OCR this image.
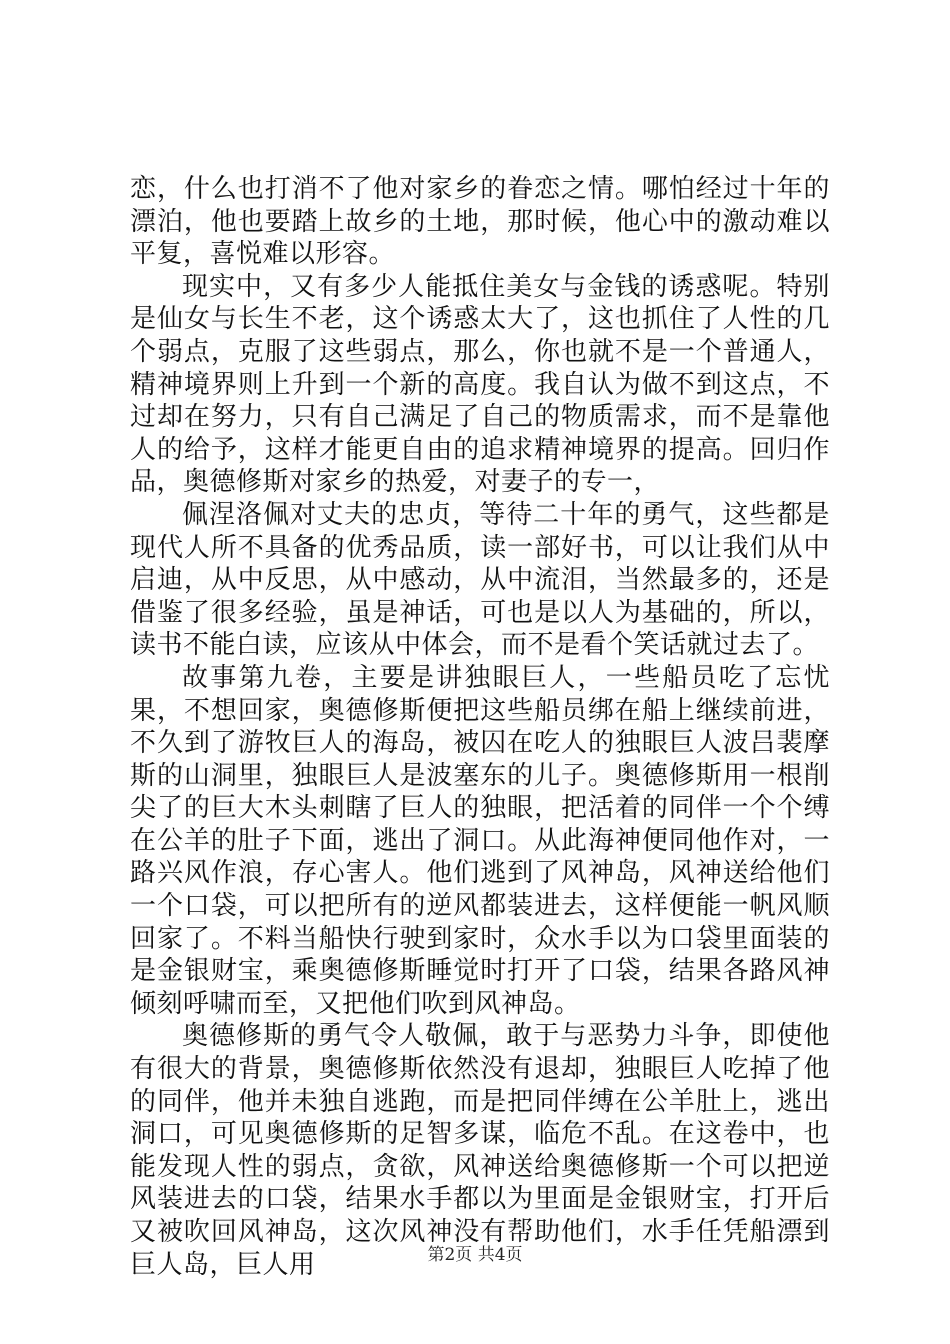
恋，什么也打消不了他对家乡的眷恋之情。哪怕经过十年的漂泊，他也要踏上故乡的土地，那时候，他心中的激动难以平复，喜悦难以形容。

现实中，又有多少人能抵住美女与金钱的诱惑呢。特别是仙女与长生不老，这个诱惑太大了，这也抓住了人性的几个弱点，克服了这些弱点，那么，你也就不是一个普通人，精神境界则上升到一个新的高度。我自认为做不到这点，不过却在努力，只有自己满足了自己的物质需求，而不是靠他人的给予，这样才能更自由的追求精神境界的提高。回归作品，奥德修斯对家乡的热爱，对妻子的专一，

佩涅洛佩对丈夫的忠贞，等待二十年的勇气，这些都是现代人所不具备的优秀品质，读一部好书，可以让我们从中启迪，从中反思，从中感动，从中流泪，当然最多的，还是借鉴了很多经验，虽是神话，可也是以人为基础的，所以，读书不能白读，应该从中体会，而不是看个笑话就过去了。

故事第九卷，主要是讲独眼巨人，一些船员吃了忘忧果，不想回家，奥德修斯便把这些船员绑在船上继续前进，不久到了游牧巨人的海岛，被囚在吃人的独眼巨人波吕裴摩斯的山洞里，独眼巨人是波塞东的儿子。奥德修斯用一根削尖了的巨大木头刺瞎了巨人的独眼，把活着的同伴一个个缚在公羊的肚子下面，逃出了洞口。从此海神便同他作对，一路兴风作浪，存心害人。他们逃到了风神岛，风神送给他们一个口袋，可以把所有的逆风都装进去，这样便能一帆风顺回家了。不料当船快行驶到家时，众水手以为口袋里面装的是金银财宝，乘奥德修斯睡觉时打开了口袋，结果各路风神倾刻呼啸而至，又把他们吹到风神岛。

奥德修斯的勇气令人敬佩，敢于与恶势力斗争，即使他有很大的背景，奥德修斯依然没有退却，独眼巨人吃掉了他的同伴，他并未独自逃跑，而是把同伴缚在公羊肚上，逃出洞口，可见奥德修斯的足智多谋，临危不乱。在这卷中，也能发现人性的弱点，贪欲，风神送给奥德修斯一个可以把逆风装进去的口袋，结果水手都以为里面是金银财宝，打开后又被吹回风神岛，这次风神没有帮助他们，水手任凭船漂到巨人岛，巨人用	第2页 共4页
